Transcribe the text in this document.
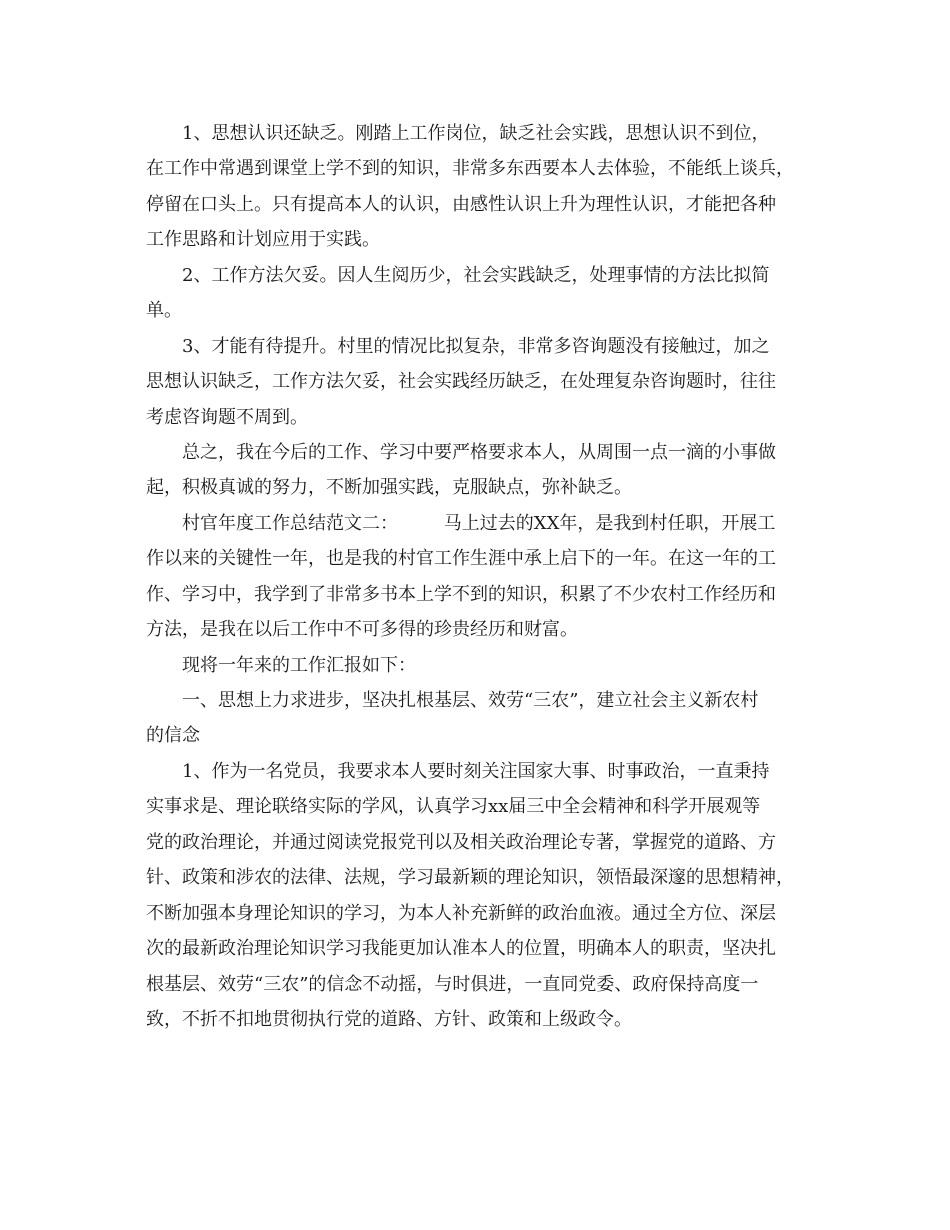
1、思想认识还缺乏。刚踏上工作岗位，缺乏社会实践，思想认识不到位，
在工作中常遇到课堂上学不到的知识，非常多东西要本人去体验，不能纸上谈兵，
停留在口头上。只有提高本人的认识，由感性认识上升为理性认识，才能把各种
工作思路和计划应用于实践。
2、工作方法欠妥。因人生阅历少，社会实践缺乏，处理事情的方法比拟简
单。
3、才能有待提升。村里的情况比拟复杂，非常多咨询题没有接触过，加之
思想认识缺乏，工作方法欠妥，社会实践经历缺乏，在处理复杂咨询题时，往往
考虑咨询题不周到。
总之，我在今后的工作、学习中要严格要求本人，从周围一点一滴的小事做
起，积极真诚的努力，不断加强实践，克服缺点，弥补缺乏。
村官年度工作总结范文二：        马上过去的XX年，是我到村任职，开展工
作以来的关键性一年，也是我的村官工作生涯中承上启下的一年。在这一年的工
作、学习中，我学到了非常多书本上学不到的知识，积累了不少农村工作经历和
方法，是我在以后工作中不可多得的珍贵经历和财富。
现将一年来的工作汇报如下：
一、思想上力求进步，坚决扎根基层、效劳“三农”，建立社会主义新农村
的信念
1、作为一名党员，我要求本人要时刻关注国家大事、时事政治，一直秉持
实事求是、理论联络实际的学风，认真学习xx届三中全会精神和科学开展观等
党的政治理论，并通过阅读党报党刊以及相关政治理论专著，掌握党的道路、方
针、政策和涉农的法律、法规，学习最新颖的理论知识，领悟最深邃的思想精神，
不断加强本身理论知识的学习，为本人补充新鲜的政治血液。通过全方位、深层
次的最新政治理论知识学习我能更加认准本人的位置，明确本人的职责，坚决扎
根基层、效劳“三农”的信念不动摇，与时俱进，一直同党委、政府保持高度一
致，不折不扣地贯彻执行党的道路、方针、政策和上级政令。
